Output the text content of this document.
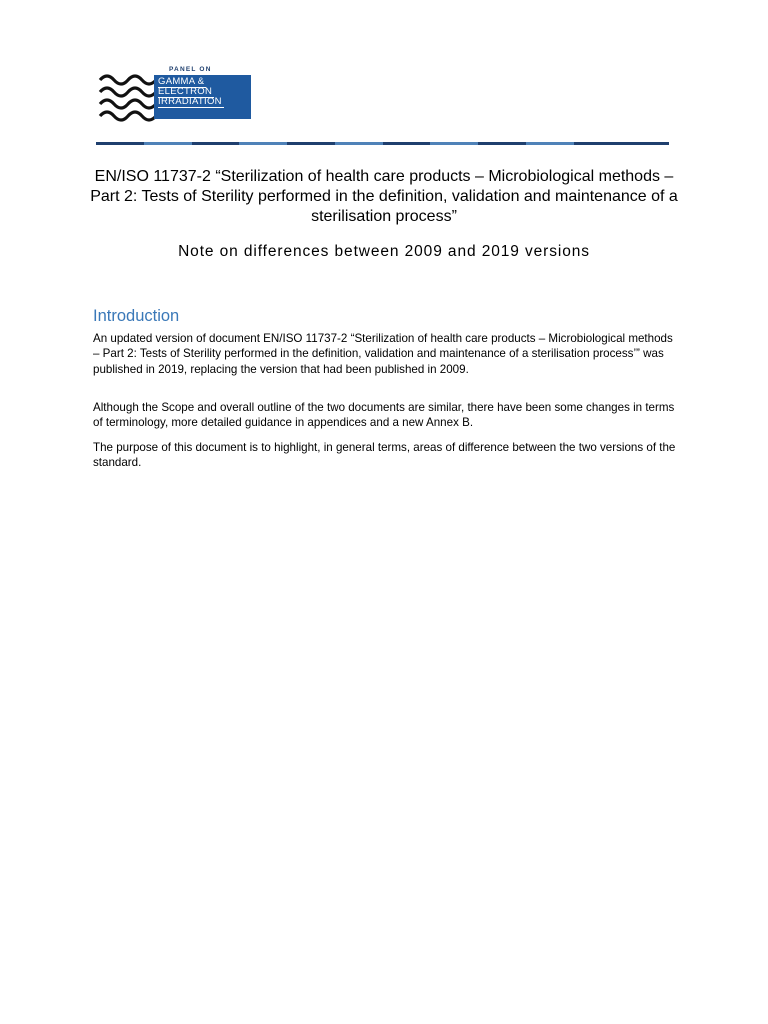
PANEL ON
GAMMA &
ELECTRON
IRRADIATION
EN/ISO 11737-2 “Sterilization of health care products – Microbiological methods – Part 2: Tests of Sterility performed in the definition, validation and maintenance of a sterilisation process”
Note on differences between 2009 and 2019 versions
Introduction
An updated version of document EN/ISO 11737-2 “Sterilization of health care products – Microbiological methods – Part 2: Tests of Sterility performed in the definition, validation and maintenance of a sterilisation process’” was published in 2019, replacing the version that had been published in 2009.
Although the Scope and overall outline of the two documents are similar, there have been some changes in terms of terminology, more detailed guidance in appendices and a new Annex B.
The purpose of this document is to highlight, in general terms, areas of difference between the two versions of the standard.
